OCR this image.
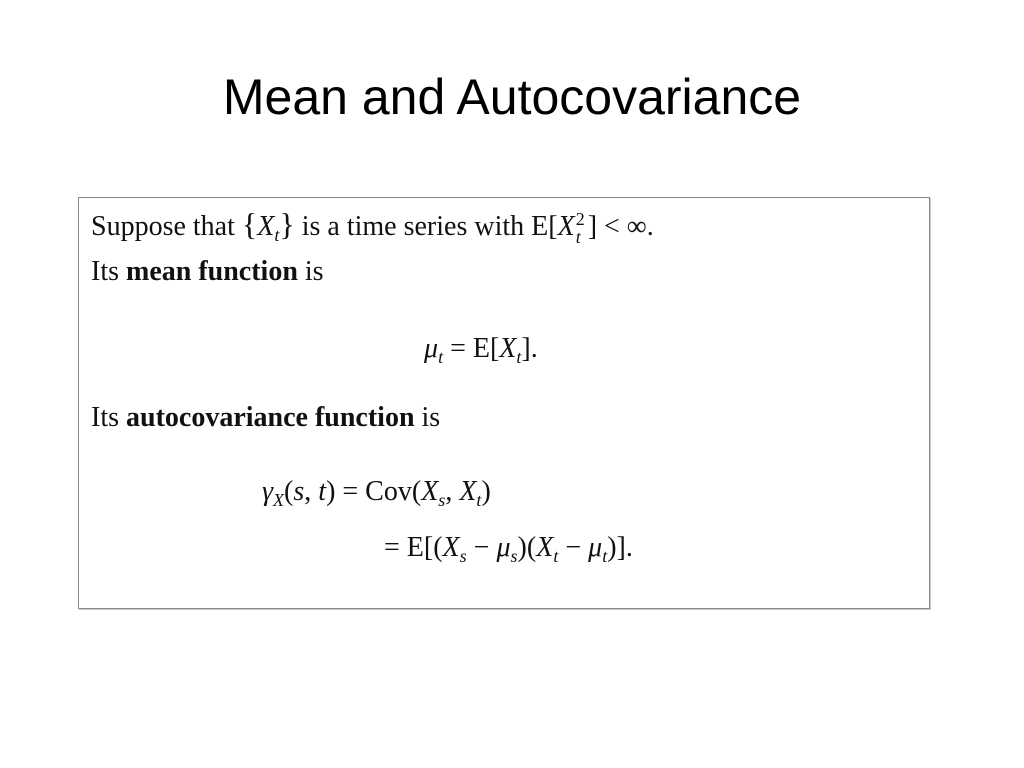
Mean and Autocovariance
Suppose that $\{X_t\}$ is a time series with E[X 2
t ] < ∞.
Its mean function is
$\mu_t = E[X_t]$.
Its autocovariance function is
$\gamma_X(s$, $t) = Cov(X_s$, $X_t$)
= $E[(X_s - \mu_s)(X_t - \mu_t)]$.
